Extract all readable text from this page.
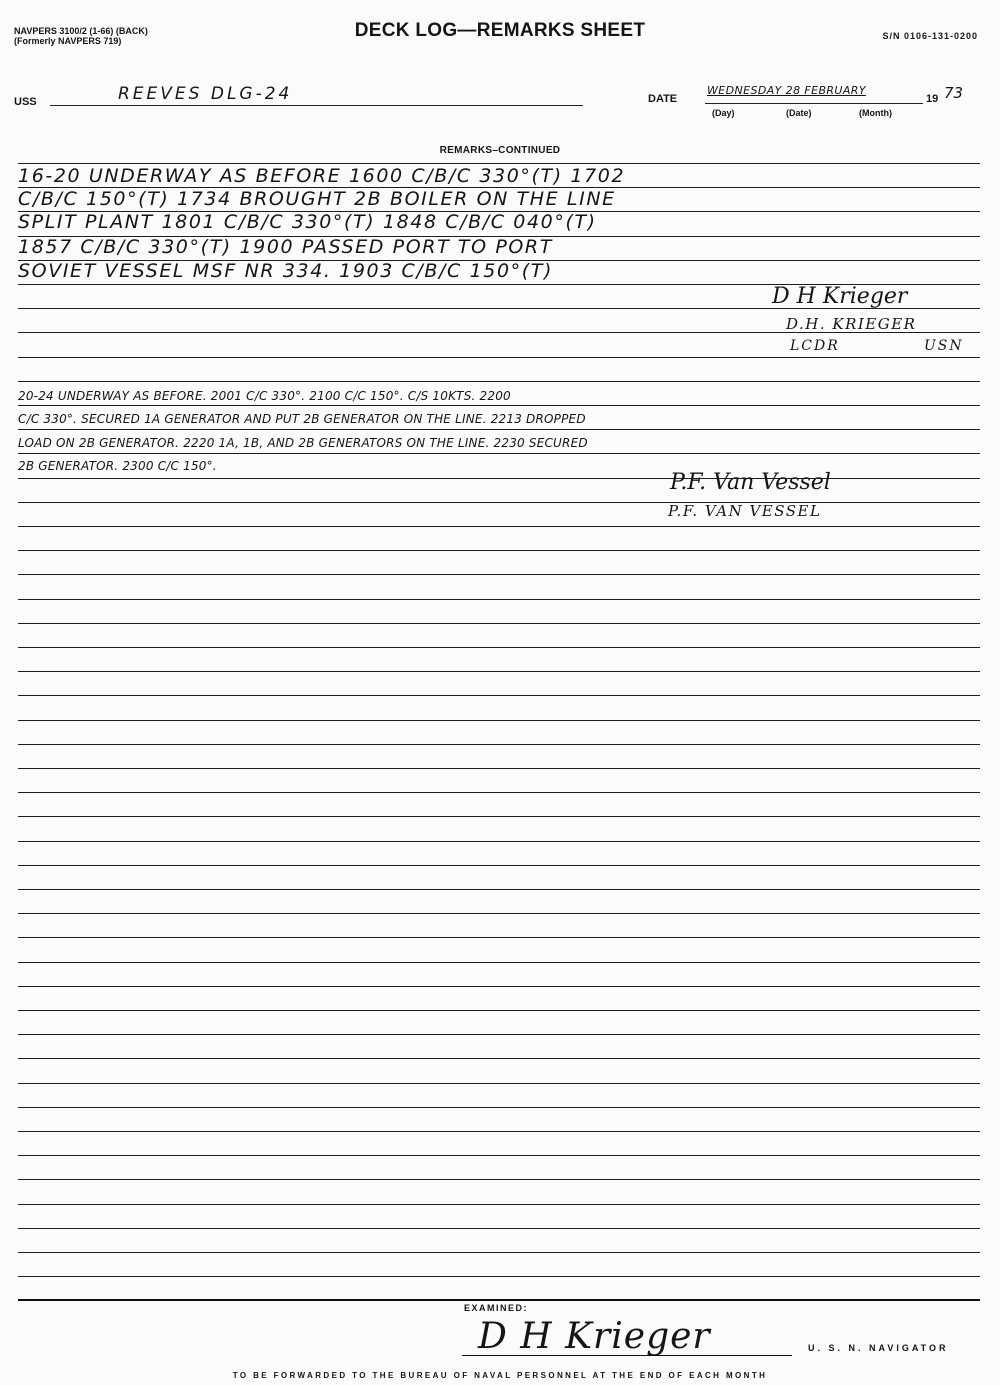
NAVPERS 3100/2 (1-66) (BACK)
(Formerly NAVPERS 719)	DECK LOG—REMARKS SHEET	S/N 0106-131-0200
USS	REEVES DLG-24	DATE
WEDNESDAY 28 FEBRUARY
19 73
(Day)	(Date)	(Month)
REMARKS–CONTINUED
16-20 UNDERWAY AS BEFORE 1600 C/B/C 330°(T) 1702
C/B/C 150°(T) 1734 BROUGHT 2B BOILER ON THE LINE
SPLIT PLANT 1801 C/B/C 330°(T) 1848 C/B/C 040°(T)
1857 C/B/C 330°(T) 1900 PASSED PORT TO PORT
SOVIET VESSEL MSF NR 334. 1903 C/B/C 150°(T)
D H Krieger
D.H. KRIEGER
LCDR	USN
20-24 UNDERWAY AS BEFORE. 2001 C/C 330°. 2100 C/C 150°. C/S 10KTS. 2200
C/C 330°. SECURED 1A GENERATOR AND PUT 2B GENERATOR ON THE LINE. 2213 DROPPED
LOAD ON 2B GENERATOR. 2220 1A, 1B, AND 2B GENERATORS ON THE LINE. 2230 SECURED
2B GENERATOR. 2300 C/C 150°.
P.F. Van Vessel
P.F. VAN VESSEL
EXAMINED:
D H Krieger	U. S. N. NAVIGATOR
TO BE FORWARDED TO THE BUREAU OF NAVAL PERSONNEL AT THE END OF EACH MONTH
